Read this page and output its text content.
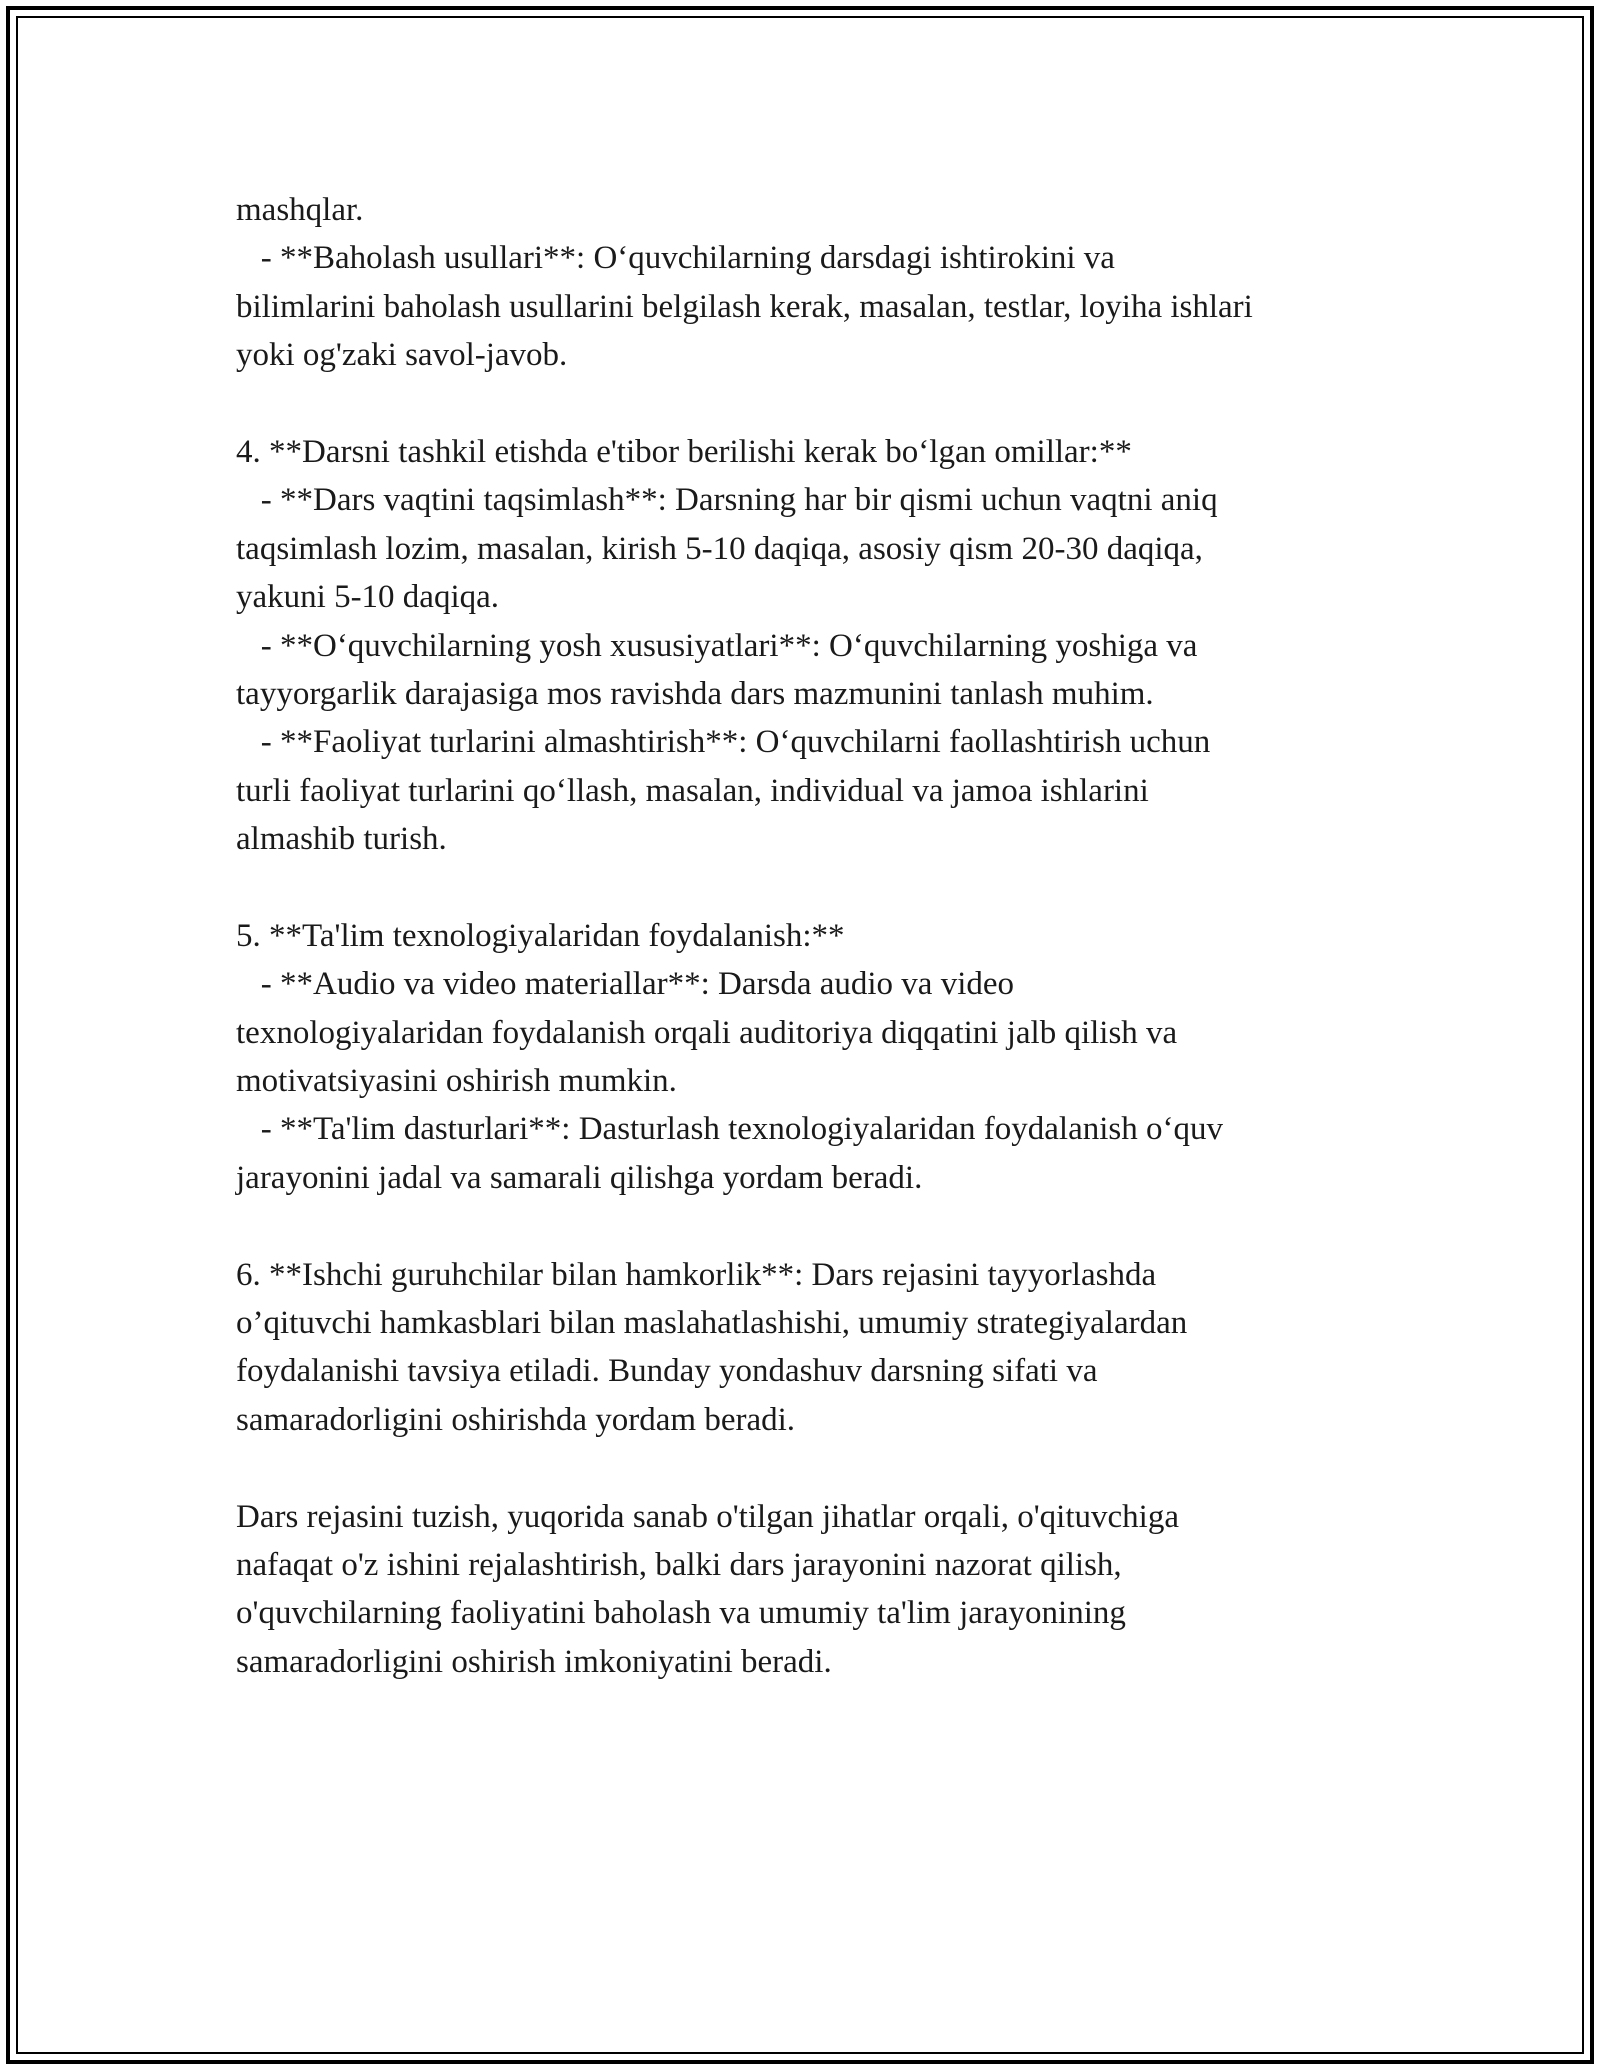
mashqlar.
- **Baholash usullari**: O‘quvchilarning darsdagi ishtirokini va
bilimlarini baholash usullarini belgilash kerak, masalan, testlar, loyiha ishlari
yoki og'zaki savol-javob.
4. **Darsni tashkil etishda e'tibor berilishi kerak bo‘lgan omillar:**
- **Dars vaqtini taqsimlash**: Darsning har bir qismi uchun vaqtni aniq
taqsimlash lozim, masalan, kirish 5-10 daqiqa, asosiy qism 20-30 daqiqa,
yakuni 5-10 daqiqa.
- **O‘quvchilarning yosh xususiyatlari**: O‘quvchilarning yoshiga va
tayyorgarlik darajasiga mos ravishda dars mazmunini tanlash muhim.
- **Faoliyat turlarini almashtirish**: O‘quvchilarni faollashtirish uchun
turli faoliyat turlarini qo‘llash, masalan, individual va jamoa ishlarini
almashib turish.
5. **Ta'lim texnologiyalaridan foydalanish:**
- **Audio va video materiallar**: Darsda audio va video
texnologiyalaridan foydalanish orqali auditoriya diqqatini jalb qilish va
motivatsiyasini oshirish mumkin.
- **Ta'lim dasturlari**: Dasturlash texnologiyalaridan foydalanish o‘quv
jarayonini jadal va samarali qilishga yordam beradi.
6. **Ishchi guruhchilar bilan hamkorlik**: Dars rejasini tayyorlashda
o’qituvchi hamkasblari bilan maslahatlashishi, umumiy strategiyalardan
foydalanishi tavsiya etiladi. Bunday yondashuv darsning sifati va
samaradorligini oshirishda yordam beradi.
Dars rejasini tuzish, yuqorida sanab o'tilgan jihatlar orqali, o'qituvchiga
nafaqat o'z ishini rejalashtirish, balki dars jarayonini nazorat qilish,
o'quvchilarning faoliyatini baholash va umumiy ta'lim jarayonining
samaradorligini oshirish imkoniyatini beradi.
